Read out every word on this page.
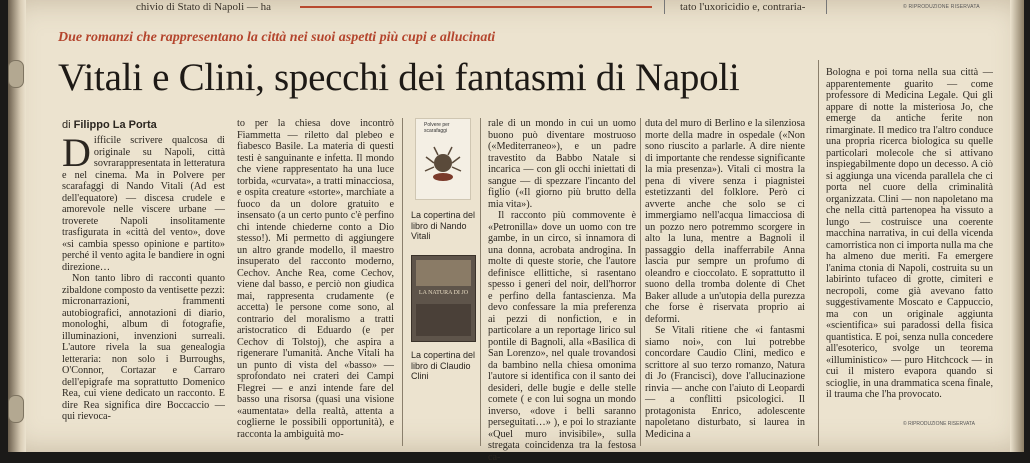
chivio di Stato di Napoli — ha	tato l'uxoricidio e, contraria-	© RIPRODUZIONE RISERVATA
Due romanzi che rappresentano la città nei suoi aspetti più cupi e allucinati
Vitali e Clini, specchi dei fantasmi di Napoli
di Filippo La Porta

Difficile scrivere qualcosa di originale su Napoli, città sovrarappresentata in letteratura e nel cinema. Ma in Polvere per scarafaggi di Nando Vitali (Ad est dell'equatore) — discesa crudele e amorevole nelle viscere urbane — troverete Napoli insolitamente trasfigurata in «città del vento», dove «si cambia spesso opinione e partito» perché il vento agita le bandiere in ogni direzione…

Non tanto libro di racconti quanto zibaldone composto da ventisette pezzi: micronarrazioni, frammenti autobiografici, annotazioni di diario, monologhi, album di fotografie, illuminazioni, invenzioni surreali. L'autore rivela la sua genealogia letteraria: non solo i Burroughs, O'Connor, Cortazar e Carraro dell'epigrafe ma soprattutto Domenico Rea, cui viene dedicato un racconto. E dire Rea significa dire Boccaccio — qui rievoca-

to per la chiesa dove incontrò Fiammetta — riletto dal plebeo e fiabesco Basile. La materia di questi testi è sanguinante e infetta. Il mondo che viene rappresentato ha una luce torbida, «curvata», a tratti minacciosa, e ospita creature «storte», marchiate a fuoco da un dolore gratuito e insensato (a un certo punto c'è perfino chi intende chiederne conto a Dio stesso!). Mi permetto di aggiungere un altro grande modello, il maestro insuperato del racconto moderno, Cechov. Anche Rea, come Cechov, viene dal basso, e perciò non giudica mai, rappresenta crudamente (e accetta) le persone come sono, al contrario del moralismo a tratti aristocratico di Eduardo (e per Cechov di Tolstoj), che aspira a rigenerare l'umanità. Anche Vitali ha un punto di vista del «basso» — sprofondato nei crateri dei Campi Flegrei — e anzi intende fare del basso una risorsa (quasi una visione «aumentata» della realtà, attenta a coglierne le possibili opportunità), e racconta la ambiguità mo-

Polvere per scarafaggi
La copertina del libro di Nando Vitali
LA NATURA DI JO
La copertina del libro di Claudio Clini

rale di un mondo in cui un uomo buono può diventare mostruoso («Mediterraneo»), e un padre travestito da Babbo Natale si incarica — con gli occhi iniettati di sangue — di spezzare l'incanto del figlio («Il giorno più brutto della mia vita»).

Il racconto più commovente è «Petronilla» dove un uomo con tre gambe, in un circo, si innamora di una donna, acrobata androgina. In molte di queste storie, che l'autore definisce ellittiche, si rasentano spesso i generi del noir, dell'horror e perfino della fantascienza. Ma devo confessare la mia preferenza ai pezzi di nonfiction, e in particolare a un reportage lirico sul pontile di Bagnoli, alla «Basilica di San Lorenzo», nel quale trovandosi da bambino nella chiesa omonima l'autore si identifica con il santo dei desideri, delle bugie e delle stelle comete ( e con lui sogna un mondo inverso, «dove i belli saranno perseguitati…» ), e poi lo straziante «Quel muro invisibile», sulla stregata coincidenza tra la festosa ca-

duta del muro di Berlino e la silenziosa morte della madre in ospedale («Non sono riuscito a parlarle. A dire niente di importante che rendesse significante la mia presenza»). Vitali ci mostra la pena di vivere senza i piagnistei estetizzanti del folklore. Però ci avverte anche che solo se ci immergiamo nell'acqua limacciosa di un pozzo nero potremmo scorgere in alto la luna, mentre a Bagnoli il passaggio della inafferrabile Anna lascia pur sempre un profumo di oleandro e cioccolato. E soprattutto il suono della tromba dolente di Chet Baker allude a un'utopia della purezza che forse è riservata proprio ai deformi.

Se Vitali ritiene che «i fantasmi siamo noi», con lui potrebbe concordare Caudio Clini, medico e scrittore al suo terzo romanzo, Natura di Jo (Francisci), dove l'allucinazione rinvia — anche con l'aiuto di Leopardi — a conflitti psicologici. Il protagonista Enrico, adolescente napoletano disturbato, si laurea in Medicina a

Bologna e poi torna nella sua città — apparentemente guarito — come professore di Medicina Legale. Qui gli appare di notte la misteriosa Jo, che emerge da antiche ferite non rimarginate. Il medico tra l'altro conduce una propria ricerca biologica su quelle particolari molecole che si attivano inspiegabilmente dopo un decesso. A ciò si aggiunga una vicenda parallela che ci porta nel cuore della criminalità organizzata. Clini — non napoletano ma che nella città partenopea ha vissuto a lungo — costruisce una coerente macchina narrativa, in cui della vicenda camorristica non ci importa nulla ma che ha almeno due meriti. Fa emergere l'anima ctonia di Napoli, costruita su un labirinto tufaceo di grotte, cimiteri e necropoli, come già avevano fatto suggestivamente Moscato e Cappuccio, ma con un originale aggiunta «scientifica» sui paradossi della fisica quantistica. E poi, senza nulla concedere all'esoterico, svolge un teorema «illuministico» — puro Hitchcock — in cui il mistero evapora quando si scioglie, in una drammatica scena finale, il trauma che l'ha provocato.

© RIPRODUZIONE RISERVATA
